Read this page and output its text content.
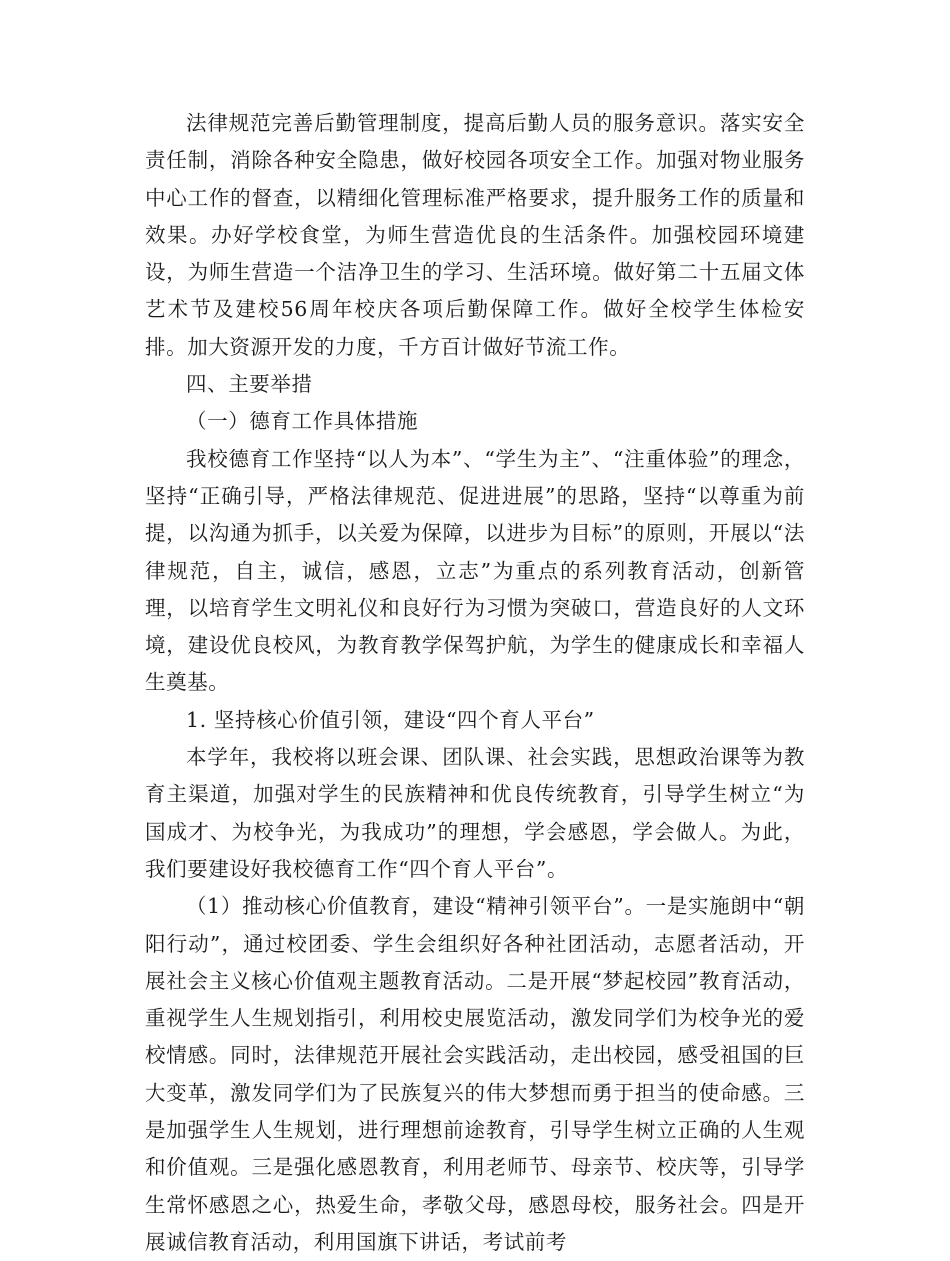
法律规范完善后勤管理制度，提高后勤人员的服务意识。落实安全责任制，消除各种安全隐患，做好校园各项安全工作。加强对物业服务中心工作的督查，以精细化管理标准严格要求，提升服务工作的质量和效果。办好学校食堂，为师生营造优良的生活条件。加强校园环境建设，为师生营造一个洁净卫生的学习、生活环境。做好第二十五届文体艺术节及建校56周年校庆各项后勤保障工作。做好全校学生体检安排。加大资源开发的力度，千方百计做好节流工作。

四、主要举措

（一）德育工作具体措施

我校德育工作坚持“以人为本”、“学生为主”、“注重体验”的理念，坚持“正确引导，严格法律规范、促进进展”的思路，坚持“以尊重为前提，以沟通为抓手，以关爱为保障，以进步为目标”的原则，开展以“法律规范，自主，诚信，感恩，立志”为重点的系列教育活动，创新管理，以培育学生文明礼仪和良好行为习惯为突破口，营造良好的人文环境，建设优良校风，为教育教学保驾护航，为学生的健康成长和幸福人生奠基。

1. 坚持核心价值引领，建设“四个育人平台”

本学年，我校将以班会课、团队课、社会实践，思想政治课等为教育主渠道，加强对学生的民族精神和优良传统教育，引导学生树立“为国成才、为校争光，为我成功”的理想，学会感恩，学会做人。为此，我们要建设好我校德育工作“四个育人平台”。

（1）推动核心价值教育，建设“精神引领平台”。一是实施朗中“朝阳行动”，通过校团委、学生会组织好各种社团活动，志愿者活动，开展社会主义核心价值观主题教育活动。二是开展“梦起校园”教育活动，重视学生人生规划指引，利用校史展览活动，激发同学们为校争光的爱校情感。同时，法律规范开展社会实践活动，走出校园，感受祖国的巨大变革，激发同学们为了民族复兴的伟大梦想而勇于担当的使命感。三是加强学生人生规划，进行理想前途教育，引导学生树立正确的人生观和价值观。三是强化感恩教育，利用老师节、母亲节、校庆等，引导学生常怀感恩之心，热爱生命，孝敬父母，感恩母校，服务社会。四是开展诚信教育活动，利用国旗下讲话，考试前考
